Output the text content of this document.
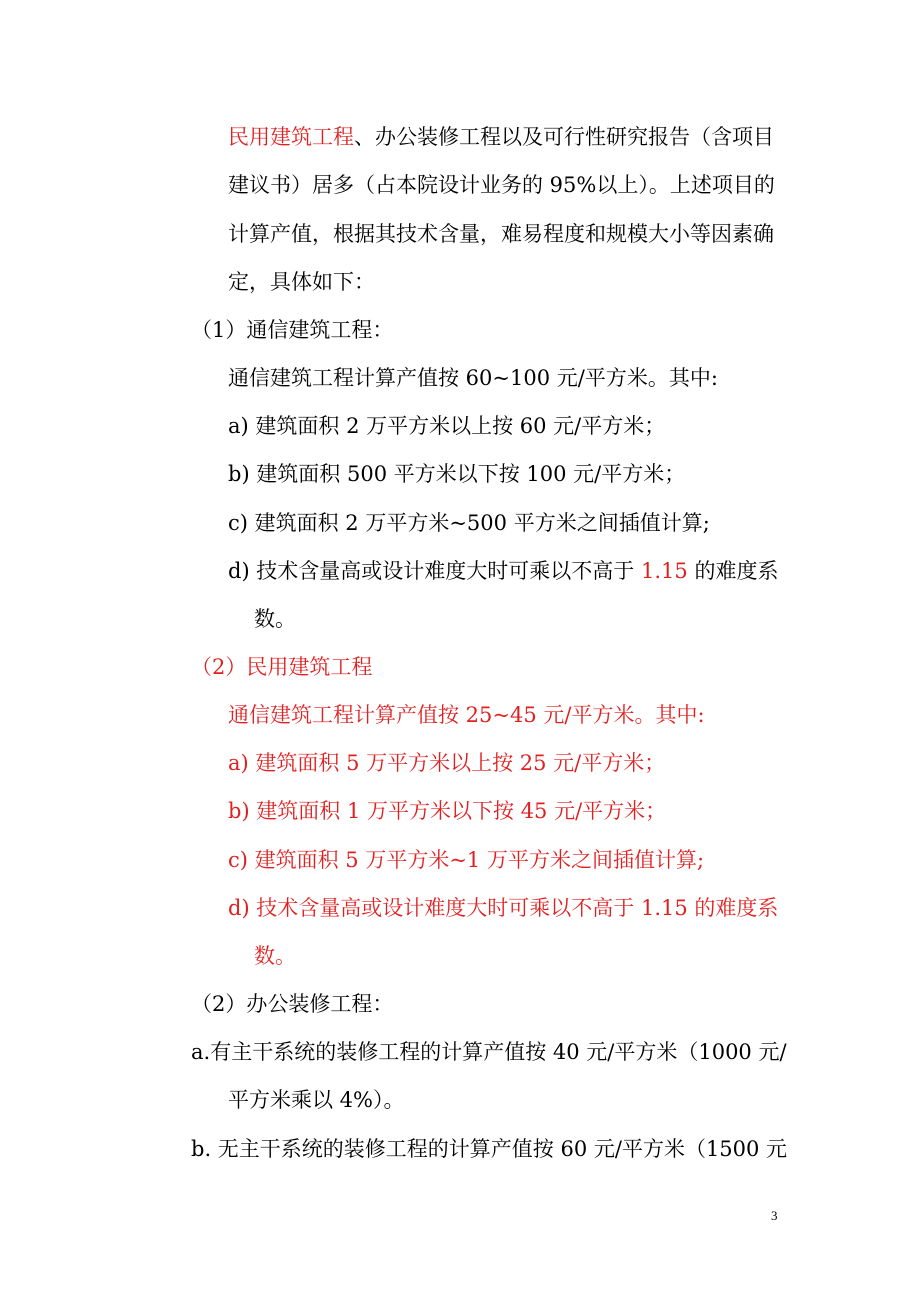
民用建筑工程、办公装修工程以及可行性研究报告（含项目
建议书）居多（占本院设计业务的 95%以上）。上述项目的
计算产值，根据其技术含量，难易程度和规模大小等因素确
定，具体如下：
（1）通信建筑工程：
通信建筑工程计算产值按 60~100 元/平方米。其中:
a) 建筑面积 2 万平方米以上按 60 元/平方米；
b) 建筑面积 500 平方米以下按 100 元/平方米；
c) 建筑面积 2 万平方米~500 平方米之间插值计算;
d) 技术含量高或设计难度大时可乘以不高于 1.15 的难度系
数。
（2）民用建筑工程
通信建筑工程计算产值按 25~45 元/平方米。其中:
a) 建筑面积 5 万平方米以上按 25 元/平方米；
b) 建筑面积 1 万平方米以下按 45 元/平方米；
c) 建筑面积 5 万平方米~1 万平方米之间插值计算;
d) 技术含量高或设计难度大时可乘以不高于 1.15 的难度系
数。
（2）办公装修工程：
a.有主干系统的装修工程的计算产值按 40 元/平方米（1000 元/
平方米乘以 4%）。
b. 无主干系统的装修工程的计算产值按 60 元/平方米（1500 元
3
